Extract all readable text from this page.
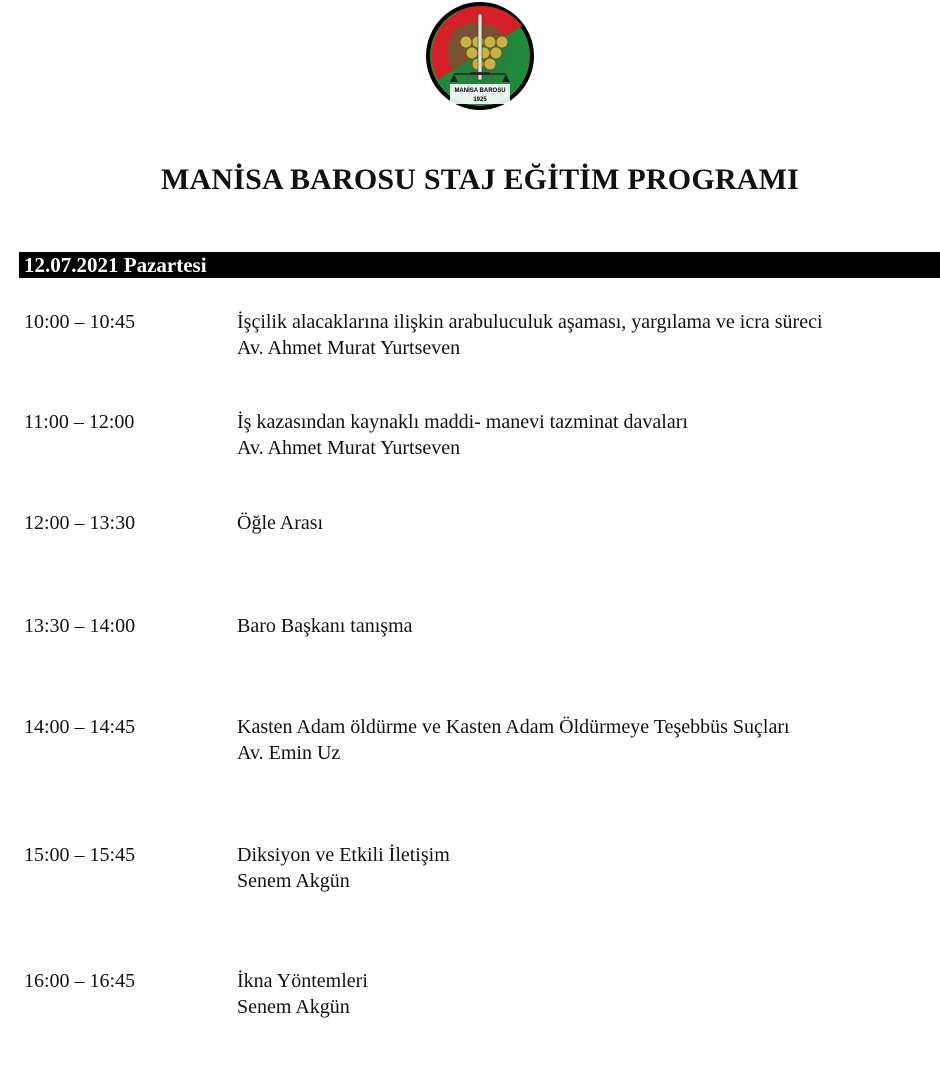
MANİSA BAROSU
1925
MANİSA BAROSU STAJ EĞİTİM PROGRAMI
12.07.2021 Pazartesi
10:00 – 10:45	İşçilik alacaklarına ilişkin arabuluculuk aşaması, yargılama ve icra süreci
Av. Ahmet Murat Yurtseven
11:00 – 12:00	İş kazasından kaynaklı maddi- manevi tazminat davaları
Av. Ahmet Murat Yurtseven
12:00 – 13:30	Öğle Arası
13:30 – 14:00	Baro Başkanı tanışma
14:00 – 14:45	Kasten Adam öldürme ve Kasten Adam Öldürmeye Teşebbüs Suçları
Av. Emin Uz
15:00 – 15:45	Diksiyon ve Etkili İletişim
Senem Akgün
16:00 – 16:45	İkna Yöntemleri
Senem Akgün
